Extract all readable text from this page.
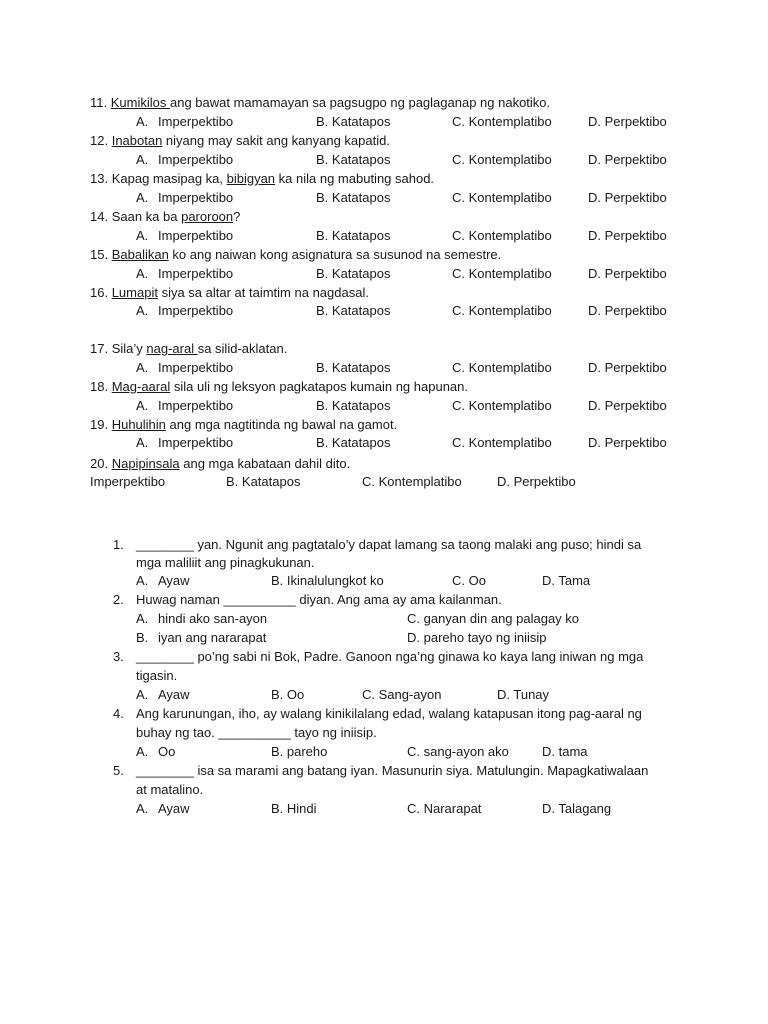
11. Kumikilos ang bawat mamamayan sa pagsugpo ng paglaganap ng nakotiko.
A. Imperpektibo	B. Katatapos	C. Kontemplatibo	D. Perpektibo
12. Inabotan niyang may sakit ang kanyang kapatid.
A. Imperpektibo	B. Katatapos	C. Kontemplatibo	D. Perpektibo
13. Kapag masipag ka, bibigyan ka nila ng mabuting sahod.
A. Imperpektibo	B. Katatapos	C. Kontemplatibo	D. Perpektibo
14. Saan ka ba paroroon?
A. Imperpektibo	B. Katatapos	C. Kontemplatibo	D. Perpektibo
15. Babalikan ko ang naiwan kong asignatura sa susunod na semestre.
A. Imperpektibo	B. Katatapos	C. Kontemplatibo	D. Perpektibo
16. Lumapit siya sa altar at taimtim na nagdasal.
A. Imperpektibo	B. Katatapos	C. Kontemplatibo	D. Perpektibo
17. Sila’y nag-aral sa silid-aklatan.
A. Imperpektibo	B. Katatapos	C. Kontemplatibo	D. Perpektibo
18. Mag-aaral sila uli ng leksyon pagkatapos kumain ng hapunan.
A. Imperpektibo	B. Katatapos	C. Kontemplatibo	D. Perpektibo
19. Huhulihin ang mga nagtitinda ng bawal na gamot.
A. Imperpektibo	B. Katatapos	C. Kontemplatibo	D. Perpektibo
20. Napipinsala ang mga kabataan dahil dito.
Imperpektibo	B. Katatapos	C. Kontemplatibo	D. Perpektibo
1. ________ yan. Ngunit ang pagtatalo’y dapat lamang sa taong malaki ang puso; hindi sa
mga maliliit ang pinagkukunan.
A. Ayaw	B. Ikinalulungkot ko	C. Oo	D. Tama
2. Huwag naman __________ diyan. Ang ama ay ama kailanman.
A. hindi ako san-ayon	C. ganyan din ang palagay ko
B. iyan ang nararapat	D. pareho tayo ng iniisip
3. ________ po’ng sabi ni Bok, Padre. Ganoon nga’ng ginawa ko kaya lang iniwan ng mga
tigasin.
A. Ayaw	B. Oo	C. Sang-ayon	D. Tunay
4. Ang karunungan, iho, ay walang kinikilalang edad, walang katapusan itong pag-aaral ng
buhay ng tao. __________ tayo ng iniisip.
A. Oo	B. pareho	C. sang-ayon ako	D. tama
5. ________ isa sa marami ang batang iyan. Masunurin siya. Matulungin. Mapagkatiwalaan
at matalino.
A. Ayaw	B. Hindi	C. Nararapat	D. Talagang
